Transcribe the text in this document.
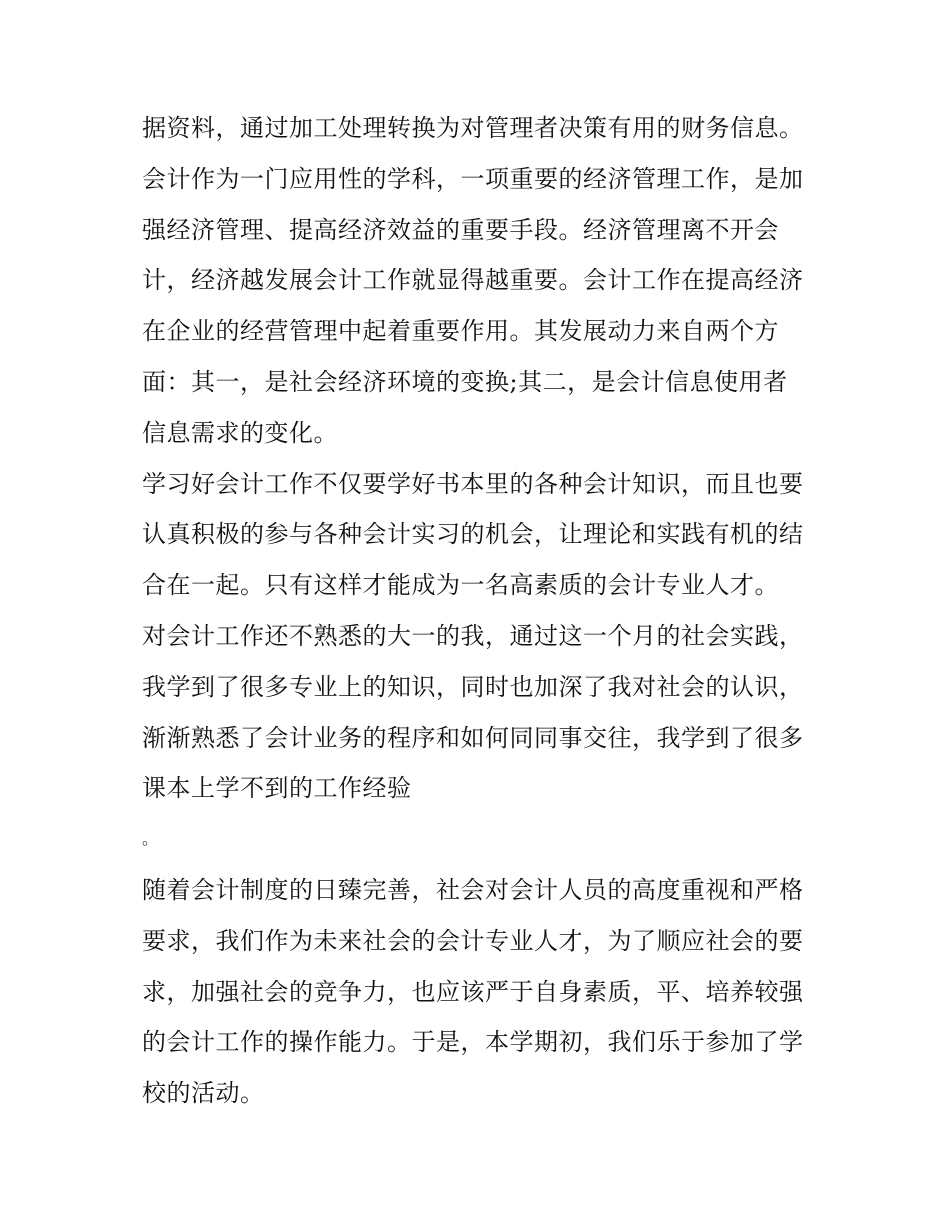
据资料，通过加工处理转换为对管理者决策有用的财务信息。
会计作为一门应用性的学科，一项重要的经济管理工作，是加
强经济管理、提高经济效益的重要手段。经济管理离不开会
计，经济越发展会计工作就显得越重要。会计工作在提高经济
在企业的经营管理中起着重要作用。其发展动力来自两个方
面：其一，是社会经济环境的变换;其二，是会计信息使用者
信息需求的变化。
学习好会计工作不仅要学好书本里的各种会计知识，而且也要
认真积极的参与各种会计实习的机会，让理论和实践有机的结
合在一起。只有这样才能成为一名高素质的会计专业人才。
对会计工作还不熟悉的大一的我，通过这一个月的社会实践，
我学到了很多专业上的知识，同时也加深了我对社会的认识，
渐渐熟悉了会计业务的程序和如何同同事交往，我学到了很多
课本上学不到的工作经验
。
随着会计制度的日臻完善，社会对会计人员的高度重视和严格
要求，我们作为未来社会的会计专业人才，为了顺应社会的要
求，加强社会的竞争力，也应该严于自身素质，平、培养较强
的会计工作的操作能力。于是，本学期初，我们乐于参加了学
校的活动。
